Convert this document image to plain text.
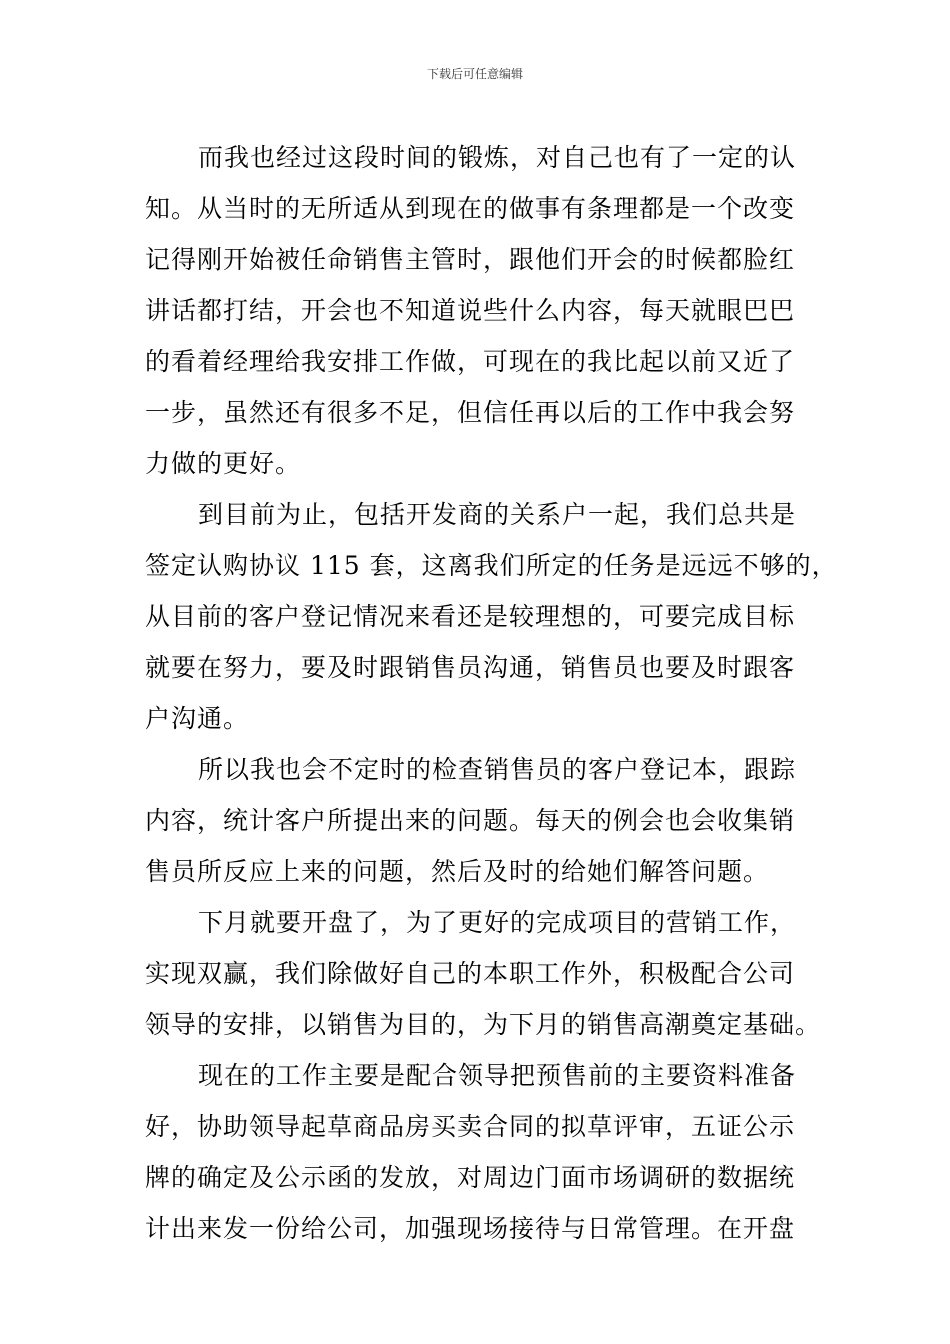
下载后可任意编辑
而我也经过这段时间的锻炼，对自己也有了一定的认
知。从当时的无所适从到现在的做事有条理都是一个改变
记得刚开始被任命销售主管时，跟他们开会的时候都脸红
讲话都打结，开会也不知道说些什么内容，每天就眼巴巴
的看着经理给我安排工作做，可现在的我比起以前又近了
一步，虽然还有很多不足，但信任再以后的工作中我会努
力做的更好。
到目前为止，包括开发商的关系户一起，我们总共是
签定认购协议 115 套，这离我们所定的任务是远远不够的，
从目前的客户登记情况来看还是较理想的，可要完成目标
就要在努力，要及时跟销售员沟通，销售员也要及时跟客
户沟通。
所以我也会不定时的检查销售员的客户登记本，跟踪
内容，统计客户所提出来的问题。每天的例会也会收集销
售员所反应上来的问题，然后及时的给她们解答问题。
下月就要开盘了，为了更好的完成项目的营销工作，
实现双赢，我们除做好自己的本职工作外，积极配合公司
领导的安排，以销售为目的，为下月的销售高潮奠定基础。
现在的工作主要是配合领导把预售前的主要资料准备
好，协助领导起草商品房买卖合同的拟草评审，五证公示
牌的确定及公示函的发放，对周边门面市场调研的数据统
计出来发一份给公司，加强现场接待与日常管理。在开盘
